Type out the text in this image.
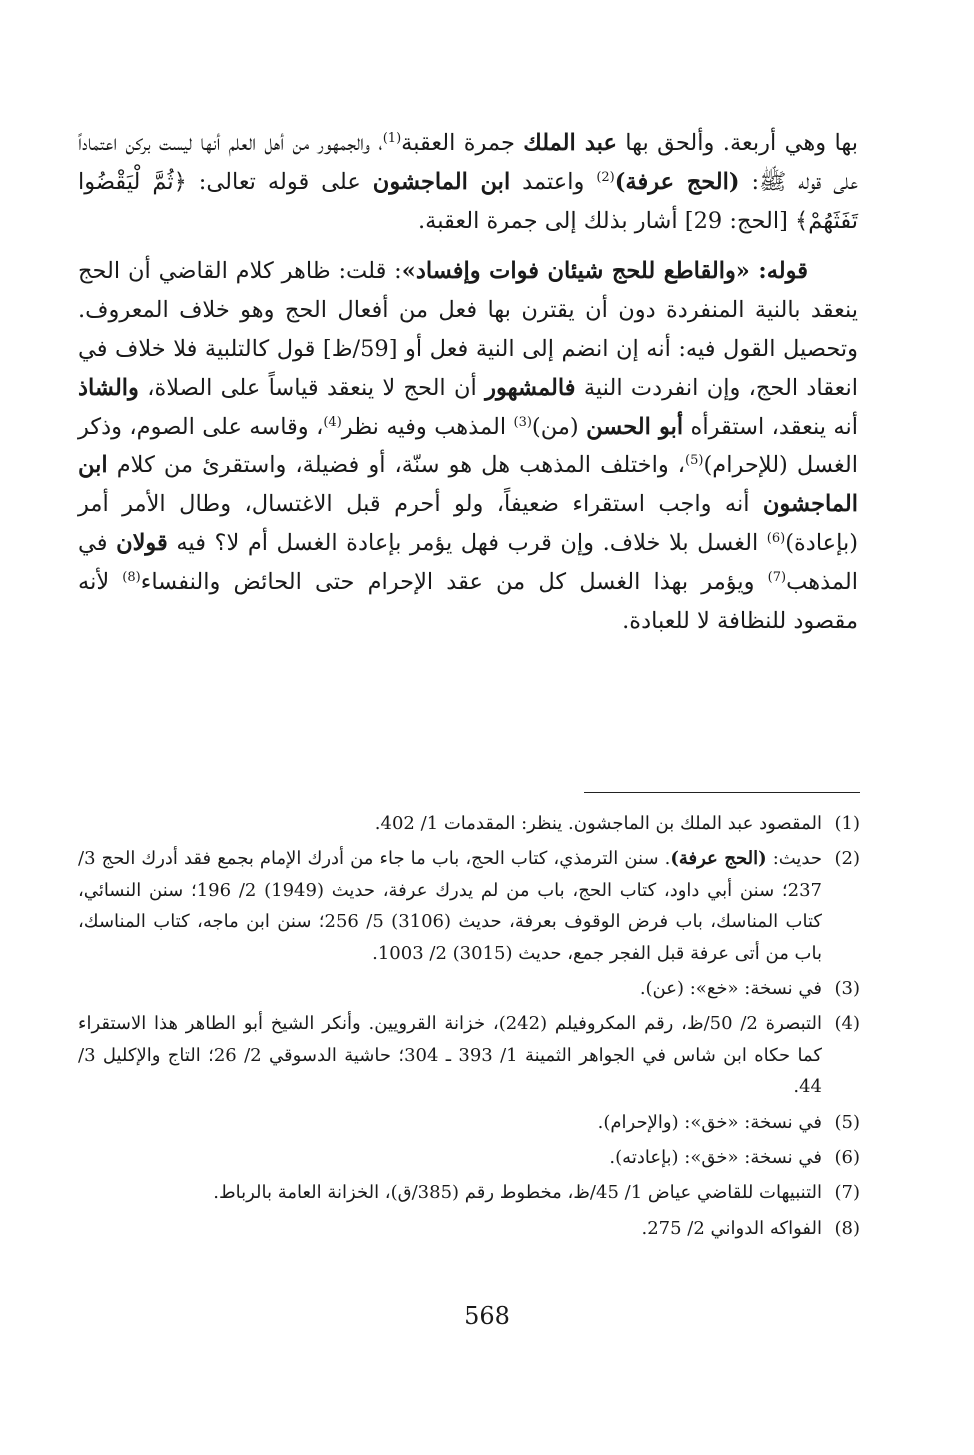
بها وهي أربعة. وألحق بها عبد الملك جمرة العقبة$^{(1)}$، والجمهور من أهل العلم أنها ليست بركن اعتماداً على قوله ﷺ: (الحج عرفة)$^{(2)}$ واعتمد ابن الماجشون على قوله تعالى: ﴿ثُمَّ لْيَقْضُوا تَفَثَهُمْ﴾ [الحج: 29] أشار بذلك إلى جمرة العقبة.

قوله: «والقاطع للحج شيئان فوات وإفساد»: قلت: ظاهر كلام القاضي أن الحج ينعقد بالنية المنفردة دون أن يقترن بها فعل من أفعال الحج وهو خلاف المعروف. وتحصيل القول فيه: أنه إن انضم إلى النية فعل أو [59/ظ] قول كالتلبية فلا خلاف في انعقاد الحج، وإن انفردت النية فالمشهور أن الحج لا ينعقد قياساً على الصلاة، والشاذ أنه ينعقد، استقرأه أبو الحسن (من)$^{(3)}$ المذهب وفيه نظر$^{(4)}$، وقاسه على الصوم، وذكر الغسل (للإحرام)$^{(5)}$، واختلف المذهب هل هو سنّة، أو فضيلة، واستقرئ من كلام ابن الماجشون أنه واجب استقراء ضعيفاً، ولو أحرم قبل الاغتسال، وطال الأمر أمر (بإعادة)$^{(6)}$ الغسل بلا خلاف. وإن قرب فهل يؤمر بإعادة الغسل أم لا؟ فيه قولان في المذهب$^{(7)}$ ويؤمر بهذا الغسل كل من عقد الإحرام حتى الحائض والنفساء$^{(8)}$ لأنه مقصود للنظافة لا للعبادة.

(1)
المقصود عبد الملك بن الماجشون. ينظر: المقدمات 1/ 402.
(2)
حديث: (الحج عرفة). سنن الترمذي، كتاب الحج، باب ما جاء من أدرك الإمام بجمع فقد أدرك الحج 3/ 237؛ سنن أبي داود، كتاب الحج، باب من لم يدرك عرفة، حديث (1949) 2/ 196؛ سنن النسائي، كتاب المناسك، باب فرض الوقوف بعرفة، حديث (3106) 5/ 256؛ سنن ابن ماجه، كتاب المناسك، باب من أتى عرفة قبل الفجر جمع، حديث (3015) 2/ 1003.
(3)
في نسخة: «خع»: (عن).
(4)
التبصرة 2/ 50/ظ، رقم المكروفيلم (242)، خزانة القرويين. وأنكر الشيخ أبو الطاهر هذا الاستقراء كما حكاه ابن شاس في الجواهر الثمينة 1/ 393 ـ 304؛ حاشية الدسوقي 2/ 26؛ التاج والإكليل 3/ 44.
(5)
في نسخة: «خق»: (والإحرام).
(6)
في نسخة: «خق»: (بإعادته).
(7)
التنبيهات للقاضي عياض 1/ 45/ظ، مخطوط رقم (385/ق)، الخزانة العامة بالرباط.
(8)
الفواكه الدواني 2/ 275.
568
